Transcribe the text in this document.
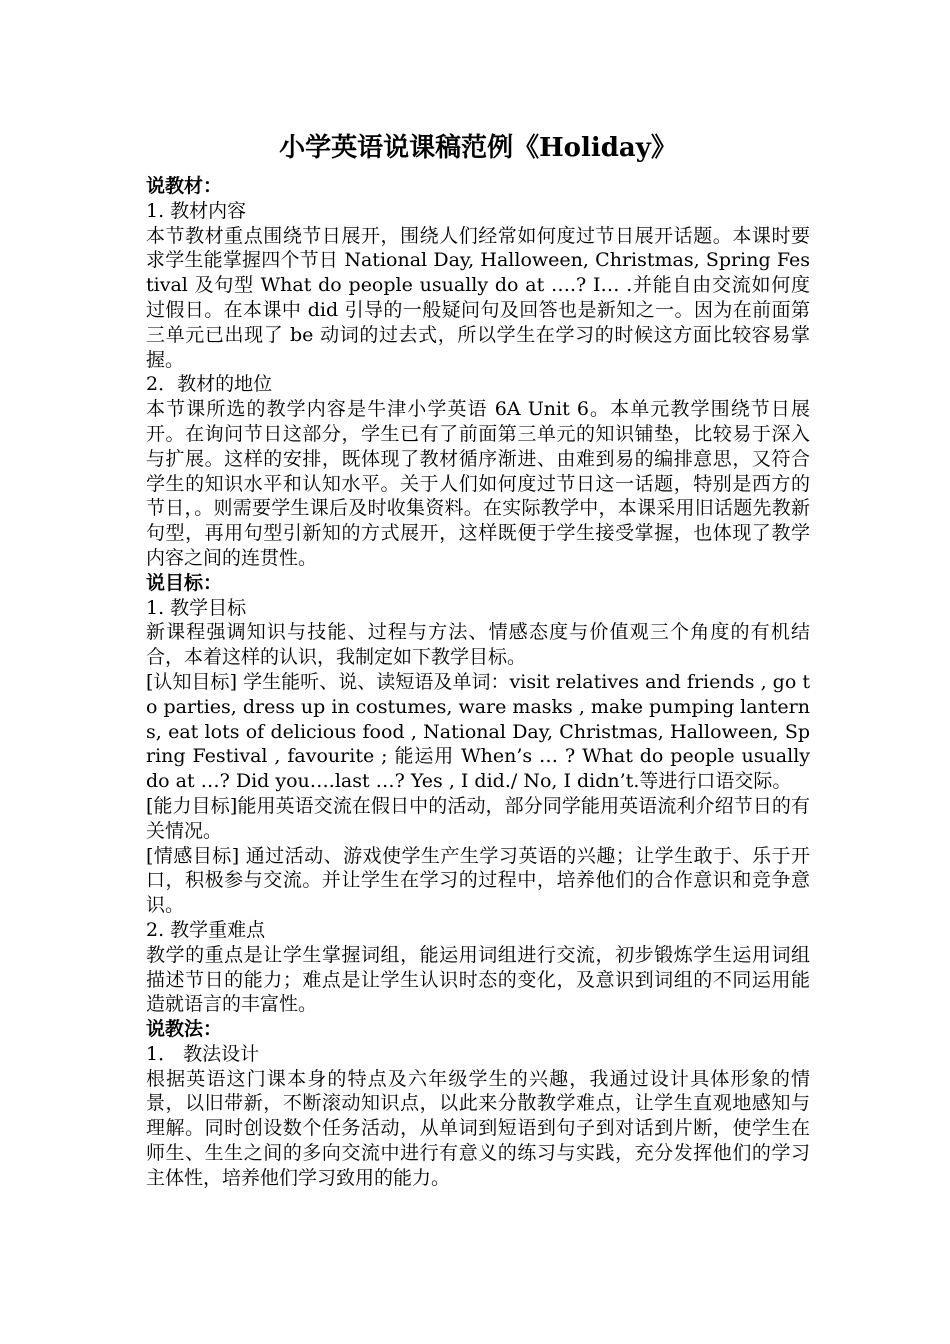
小学英语说课稿范例《Holiday》

说教材：

1. 教材内容

本节教材重点围绕节日展开，围绕人们经常如何度过节日展开话题。本课时要求学生能掌握四个节日 National Day, Halloween, Christmas, Spring Festival 及句型 What do people usually do at ….? I… .并能自由交流如何度过假日。在本课中 did 引导的一般疑问句及回答也是新知之一。因为在前面第三单元已出现了 be 动词的过去式，所以学生在学习的时候这方面比较容易掌握。

2．教材的地位

本节课所选的教学内容是牛津小学英语 6A Unit 6。本单元教学围绕节日展开。在询问节日这部分，学生已有了前面第三单元的知识铺垫，比较易于深入与扩展。这样的安排，既体现了教材循序渐进、由难到易的编排意思，又符合学生的知识水平和认知水平。关于人们如何度过节日这一话题，特别是西方的节日，。则需要学生课后及时收集资料。在实际教学中，本课采用旧话题先教新句型，再用句型引新知的方式展开，这样既便于学生接受掌握，也体现了教学内容之间的连贯性。

说目标：

1. 教学目标

新课程强调知识与技能、过程与方法、情感态度与价值观三个角度的有机结合，本着这样的认识，我制定如下教学目标。

[认知目标] 学生能听、说、读短语及单词：visit relatives and friends , go to parties, dress up in costumes, ware masks , make pumping lanterns, eat lots of delicious food , National Day, Christmas, Halloween, Spring Festival , favourite ; 能运用 When’s … ? What do people usually do at …? Did you….last …? Yes , I did./ No, I didn’t.等进行口语交际。

[能力目标]能用英语交流在假日中的活动，部分同学能用英语流利介绍节日的有关情况。

[情感目标] 通过活动、游戏使学生产生学习英语的兴趣；让学生敢于、乐于开口，积极参与交流。并让学生在学习的过程中，培养他们的合作意识和竞争意识。

2. 教学重难点

教学的重点是让学生掌握词组，能运用词组进行交流，初步锻炼学生运用词组描述节日的能力；难点是让学生认识时态的变化，及意识到词组的不同运用能造就语言的丰富性。

说教法：

1． 教法设计

根据英语这门课本身的特点及六年级学生的兴趣，我通过设计具体形象的情景，以旧带新，不断滚动知识点，以此来分散教学难点，让学生直观地感知与理解。同时创设数个任务活动，从单词到短语到句子到对话到片断，使学生在师生、生生之间的多向交流中进行有意义的练习与实践，充分发挥他们的学习主体性，培养他们学习致用的能力。
